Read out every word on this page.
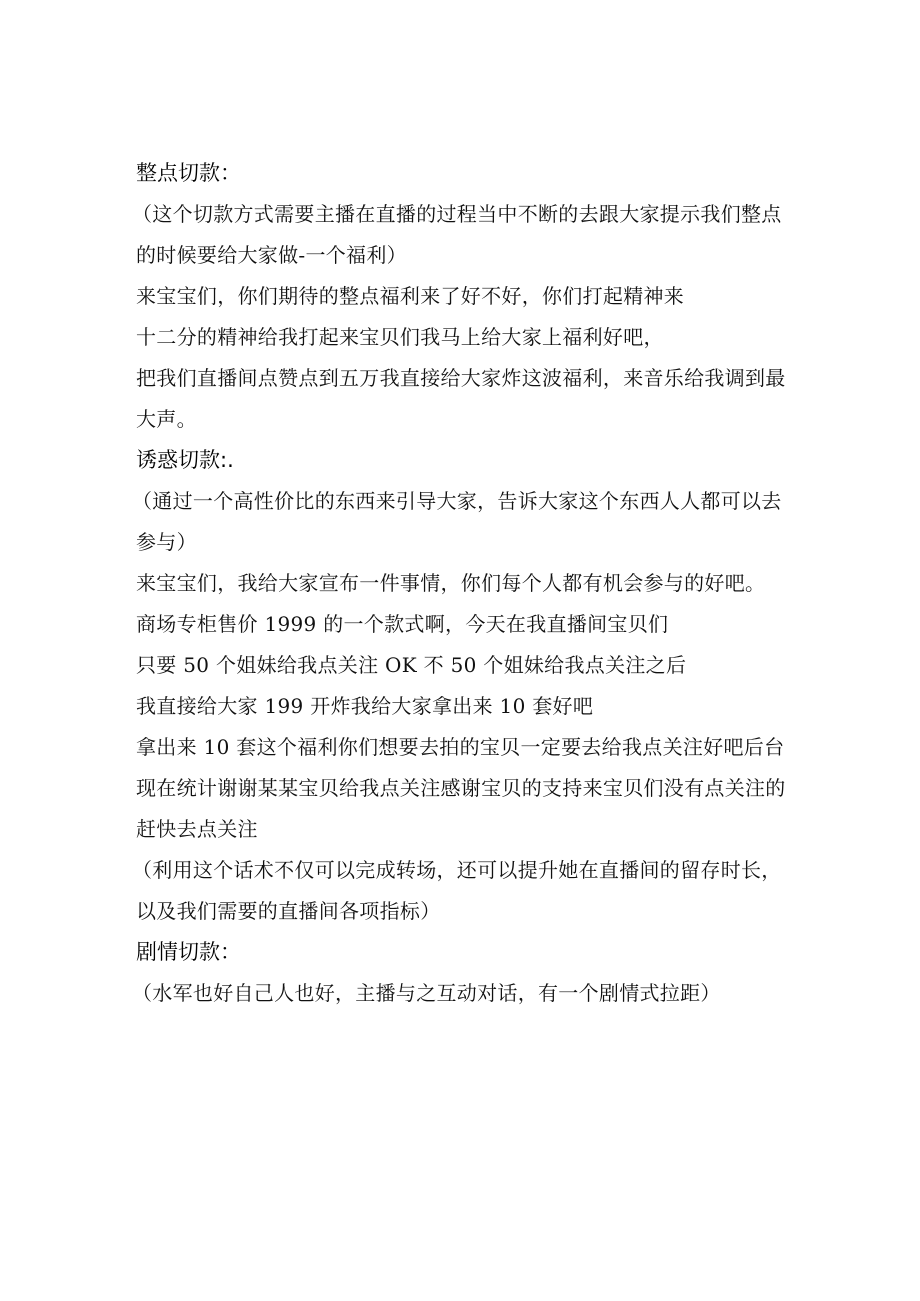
整点切款：
（这个切款方式需要主播在直播的过程当中不断的去跟大家提示我们整点
的时候要给大家做-一个福利）
来宝宝们，你们期待的整点福利来了好不好，你们打起精神来
十二分的精神给我打起来宝贝们我马上给大家上福利好吧，
把我们直播间点赞点到五万我直接给大家炸这波福利，来音乐给我调到最
大声。
诱惑切款:.
（通过一个高性价比的东西来引导大家，告诉大家这个东西人人都可以去
参与）
来宝宝们，我给大家宣布一件事情，你们每个人都有机会参与的好吧。
商场专柜售价 1999 的一个款式啊，今天在我直播间宝贝们
只要 50 个姐妹给我点关注 OK 不 50 个姐妹给我点关注之后
我直接给大家 199 开炸我给大家拿出来 10 套好吧
拿出来 10 套这个福利你们想要去拍的宝贝一定要去给我点关注好吧后台
现在统计谢谢某某宝贝给我点关注感谢宝贝的支持来宝贝们没有点关注的
赶快去点关注
（利用这个话术不仅可以完成转场，还可以提升她在直播间的留存时长，
以及我们需要的直播间各项指标）
剧情切款：
（水军也好自己人也好，主播与之互动对话，有一个剧情式拉距）
